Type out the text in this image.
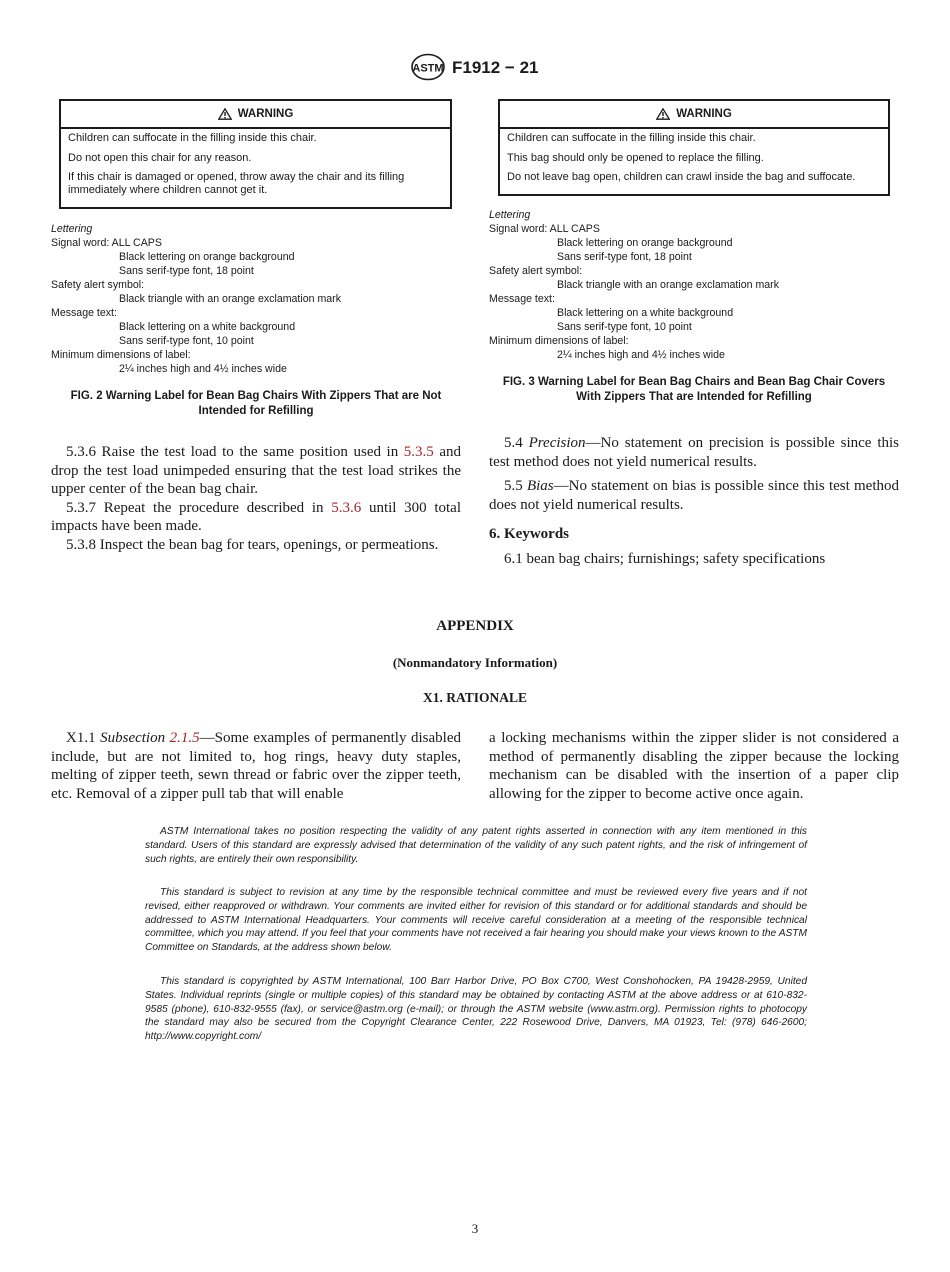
ASTM F1912 − 21
WARNING

Children can suffocate in the filling inside this chair.

Do not open this chair for any reason.

If this chair is damaged or opened, throw away the chair and its filling immediately where children cannot get it.

WARNING

Children can suffocate in the filling inside this chair.

This bag should only be opened to replace the filling.

Do not leave bag open, children can crawl inside the bag and suffocate.

Lettering
Signal word: ALL CAPS
Black lettering on orange background
Sans serif-type font, 18 point
Safety alert symbol:
Black triangle with an orange exclamation mark
Message text:
Black lettering on a white background
Sans serif-type font, 10 point
Minimum dimensions of label:
2¼ inches high and 4½ inches wide
Lettering
Signal word: ALL CAPS
Black lettering on orange background
Sans serif-type font, 18 point
Safety alert symbol:
Black triangle with an orange exclamation mark
Message text:
Black lettering on a white background
Sans serif-type font, 10 point
Minimum dimensions of label:
2¼ inches high and 4½ inches wide
FIG. 2 Warning Label for Bean Bag Chairs With Zippers That are Not Intended for Refilling
FIG. 3 Warning Label for Bean Bag Chairs and Bean Bag Chair Covers With Zippers That are Intended for Refilling

5.3.6 Raise the test load to the same position used in 5.3.5 and drop the test load unimpeded ensuring that the test load strikes the upper center of the bean bag chair.

5.3.7 Repeat the procedure described in 5.3.6 until 300 total impacts have been made.

5.3.8 Inspect the bean bag for tears, openings, or permeations.

5.4 Precision—No statement on precision is possible since this test method does not yield numerical results.

5.5 Bias—No statement on bias is possible since this test method does not yield numerical results.

6. Keywords

6.1 bean bag chairs; furnishings; safety specifications

APPENDIX
(Nonmandatory Information)
X1. RATIONALE

X1.1 Subsection 2.1.5—Some examples of permanently disabled include, but are not limited to, hog rings, heavy duty staples, melting of zipper teeth, sewn thread or fabric over the zipper teeth, etc. Removal of a zipper pull tab that will enable

a locking mechanisms within the zipper slider is not considered a method of permanently disabling the zipper because the locking mechanism can be disabled with the insertion of a paper clip allowing for the zipper to become active once again.

ASTM International takes no position respecting the validity of any patent rights asserted in connection with any item mentioned in this standard. Users of this standard are expressly advised that determination of the validity of any such patent rights, and the risk of infringement of such rights, are entirely their own responsibility.

This standard is subject to revision at any time by the responsible technical committee and must be reviewed every five years and if not revised, either reapproved or withdrawn. Your comments are invited either for revision of this standard or for additional standards and should be addressed to ASTM International Headquarters. Your comments will receive careful consideration at a meeting of the responsible technical committee, which you may attend. If you feel that your comments have not received a fair hearing you should make your views known to the ASTM Committee on Standards, at the address shown below.

This standard is copyrighted by ASTM International, 100 Barr Harbor Drive, PO Box C700, West Conshohocken, PA 19428-2959, United States. Individual reprints (single or multiple copies) of this standard may be obtained by contacting ASTM at the above address or at 610-832-9585 (phone), 610-832-9555 (fax), or service@astm.org (e-mail); or through the ASTM website (www.astm.org). Permission rights to photocopy the standard may also be secured from the Copyright Clearance Center, 222 Rosewood Drive, Danvers, MA 01923, Tel: (978) 646-2600; http://www.copyright.com/

3
